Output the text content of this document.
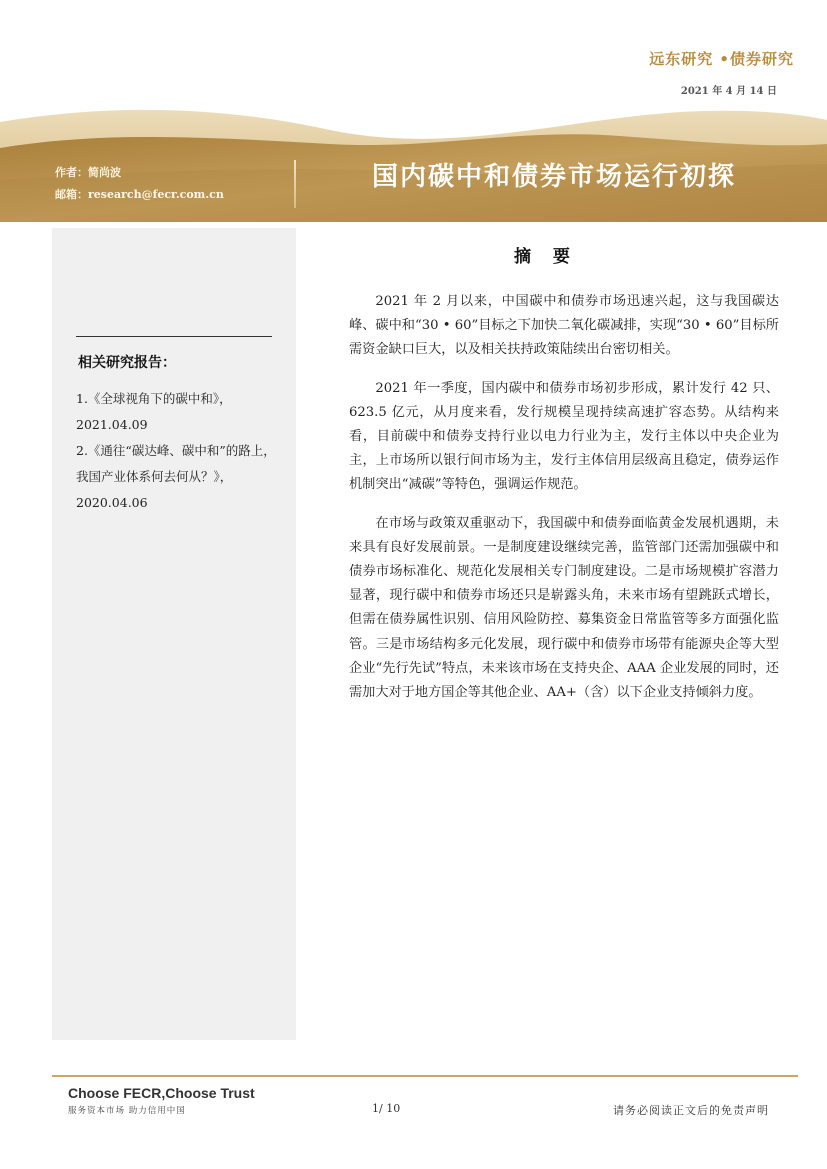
远东研究 •债券研究
2021 年 4 月 14 日
作者：简尚波
邮箱：research@fecr.com.cn
国内碳中和债券市场运行初探
相关研究报告：
1.《全球视角下的碳中和》，2021.04.09
2.《通往“碳达峰、碳中和”的路上，我国产业体系何去何从？》，2020.04.06
摘 要

2021 年 2 月以来，中国碳中和债券市场迅速兴起，这与我国碳达峰、碳中和“30 • 60”目标之下加快二氧化碳减排，实现“30 • 60”目标所需资金缺口巨大，以及相关扶持政策陆续出台密切相关。

2021 年一季度，国内碳中和债券市场初步形成，累计发行 42 只、623.5 亿元，从月度来看，发行规模呈现持续高速扩容态势。从结构来看，目前碳中和债券支持行业以电力行业为主，发行主体以中央企业为主，上市场所以银行间市场为主，发行主体信用层级高且稳定，债券运作机制突出“减碳”等特色，强调运作规范。

在市场与政策双重驱动下，我国碳中和债券面临黄金发展机遇期，未来具有良好发展前景。一是制度建设继续完善，监管部门还需加强碳中和债券市场标准化、规范化发展相关专门制度建设。二是市场规模扩容潜力显著，现行碳中和债券市场还只是崭露头角，未来市场有望跳跃式增长，但需在债券属性识别、信用风险防控、募集资金日常监管等多方面强化监管。三是市场结构多元化发展，现行碳中和债券市场带有能源央企等大型企业“先行先试”特点，未来该市场在支持央企、AAA 企业发展的同时，还需加大对于地方国企等其他企业、AA+（含）以下企业支持倾斜力度。

Choose FECR,Choose Trust
服务资本市场 助力信用中国	1/ 10	请务必阅读正文后的免责声明
